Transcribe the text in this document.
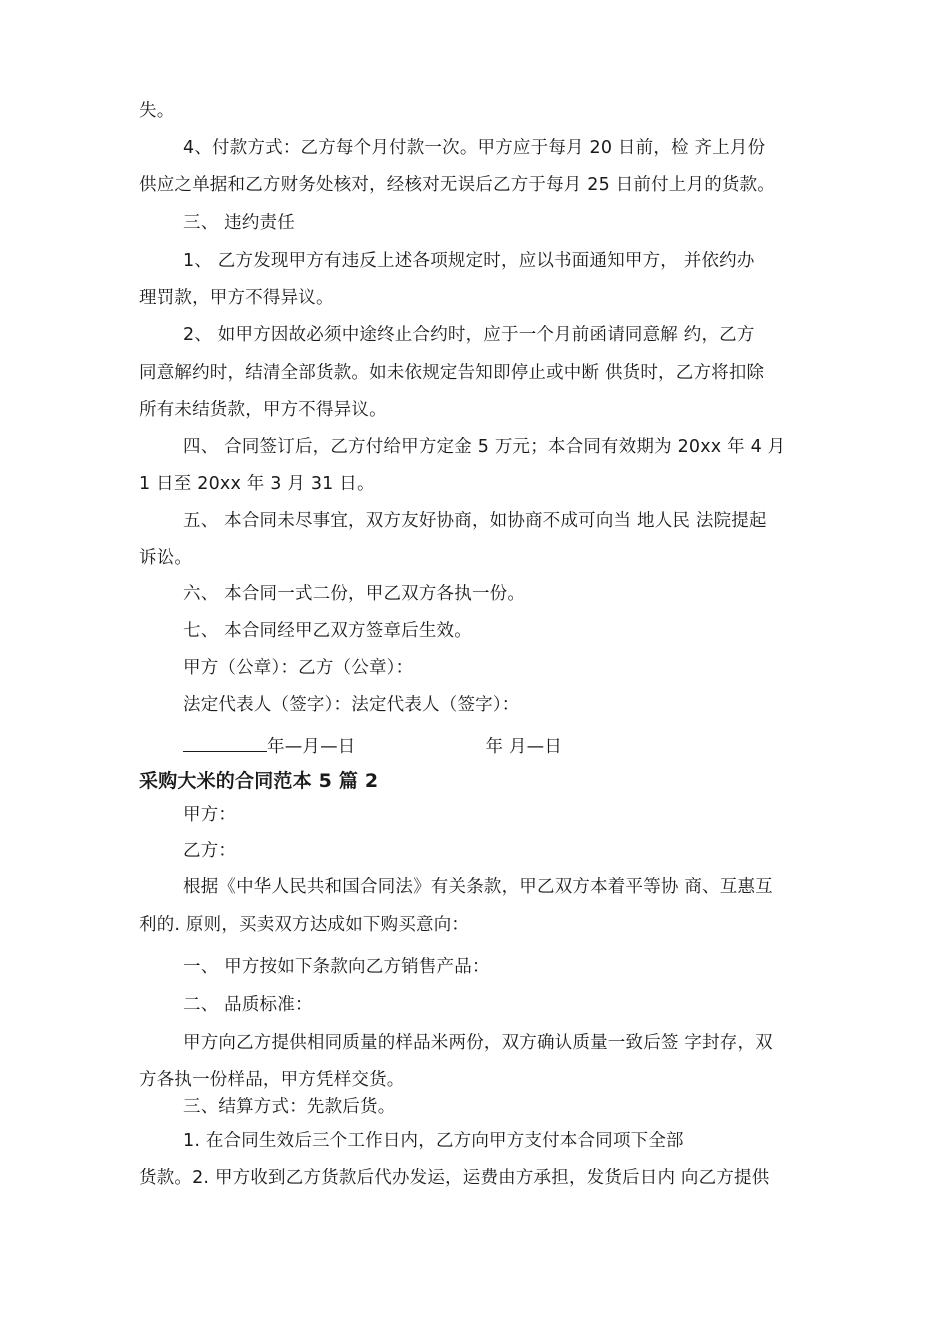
失。
4、付款方式：乙方每个月付款一次。甲方应于每月 20 日前，检 齐上月份
供应之单据和乙方财务处核对，经核对无误后乙方于每月 25 日前付上月的货款。
三、 违约责任
1、 乙方发现甲方有违反上述各项规定时，应以书面通知甲方， 并依约办
理罚款，甲方不得异议。
2、 如甲方因故必须中途终止合约时，应于一个月前函请同意解 约，乙方
同意解约时，结清全部货款。如未依规定告知即停止或中断 供货时，乙方将扣除
所有未结货款，甲方不得异议。
四、 合同签订后，乙方付给甲方定金 5 万元；本合同有效期为 20xx 年 4 月
1 日至 20xx 年 3 月 31 日。
五、 本合同未尽事宜，双方友好协商，如协商不成可向当 地人民 法院提起
诉讼。
六、 本合同一式二份，甲乙双方各执一份。
七、 本合同经甲乙双方签章后生效。
甲方（公章）：乙方（公章）：
法定代表人（签字）：法定代表人（签字）：
年—月—日	年 月—日
采购大米的合同范本 5 篇 2
甲方：
乙方：
根据《中华人民共和国合同法》有关条款，甲乙双方本着平等协 商、互惠互
利的. 原则，买卖双方达成如下购买意向：
一、 甲方按如下条款向乙方销售产品：
二、 品质标准：
甲方向乙方提供相同质量的样品米两份，双方确认质量一致后签 字封存，双
方各执一份样品，甲方凭样交货。
三、结算方式：先款后货。
1. 在合同生效后三个工作日内，乙方向甲方支付本合同项下全部
货款。2. 甲方收到乙方货款后代办发运，运费由方承担，发货后日内 向乙方提供
